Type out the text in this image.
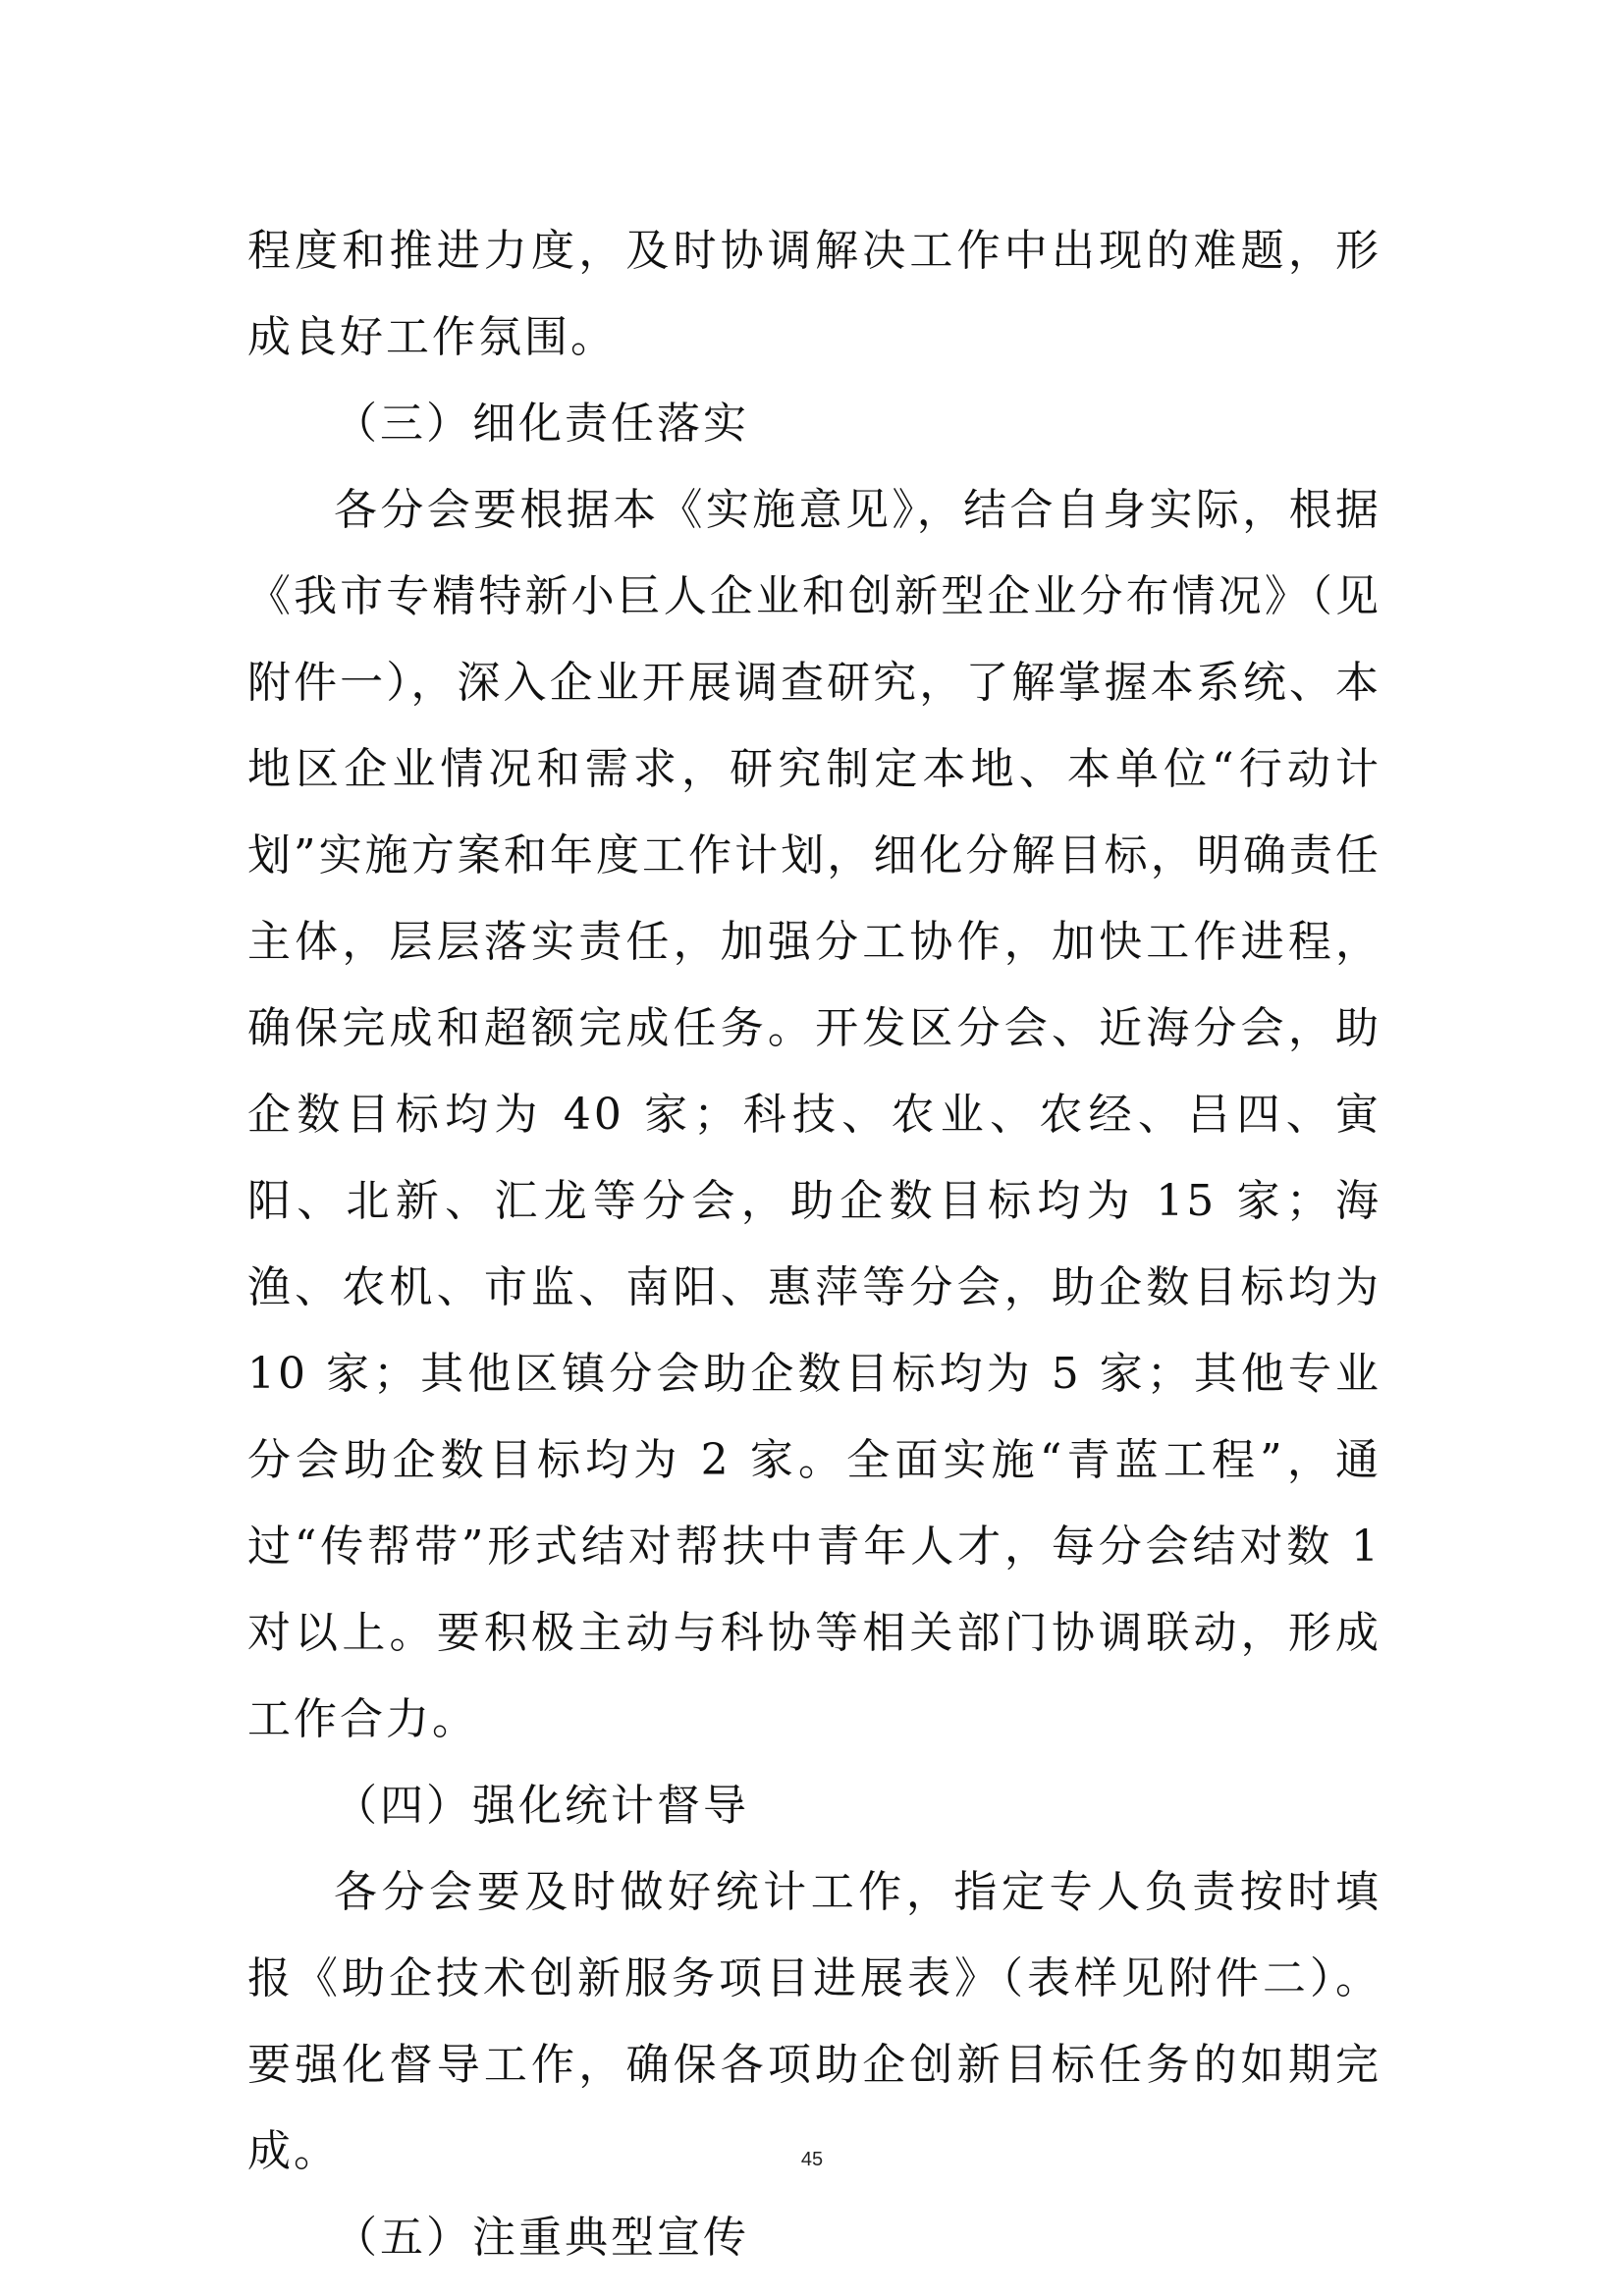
程度和推进力度，及时协调解决工作中出现的难题，形成良好工作氛围。

（三）细化责任落实

各分会要根据本《实施意见》，结合自身实际，根据《我市专精特新小巨人企业和创新型企业分布情况》（见附件一），深入企业开展调查研究，了解掌握本系统、本地区企业情况和需求，研究制定本地、本单位“行动计划”实施方案和年度工作计划，细化分解目标，明确责任主体，层层落实责任，加强分工协作，加快工作进程，确保完成和超额完成任务。开发区分会、近海分会，助企数目标均为 40 家；科技、农业、农经、吕四、寅阳、北新、汇龙等分会，助企数目标均为 15 家；海渔、农机、市监、南阳、惠萍等分会，助企数目标均为 10 家；其他区镇分会助企数目标均为 5 家；其他专业分会助企数目标均为 2 家。全面实施“青蓝工程”，通过“传帮带”形式结对帮扶中青年人才，每分会结对数 1 对以上。要积极主动与科协等相关部门协调联动，形成工作合力。

（四）强化统计督导

各分会要及时做好统计工作，指定专人负责按时填报《助企技术创新服务项目进展表》（表样见附件二）。要强化督导工作，确保各项助企创新目标任务的如期完成。

（五）注重典型宣传

45
